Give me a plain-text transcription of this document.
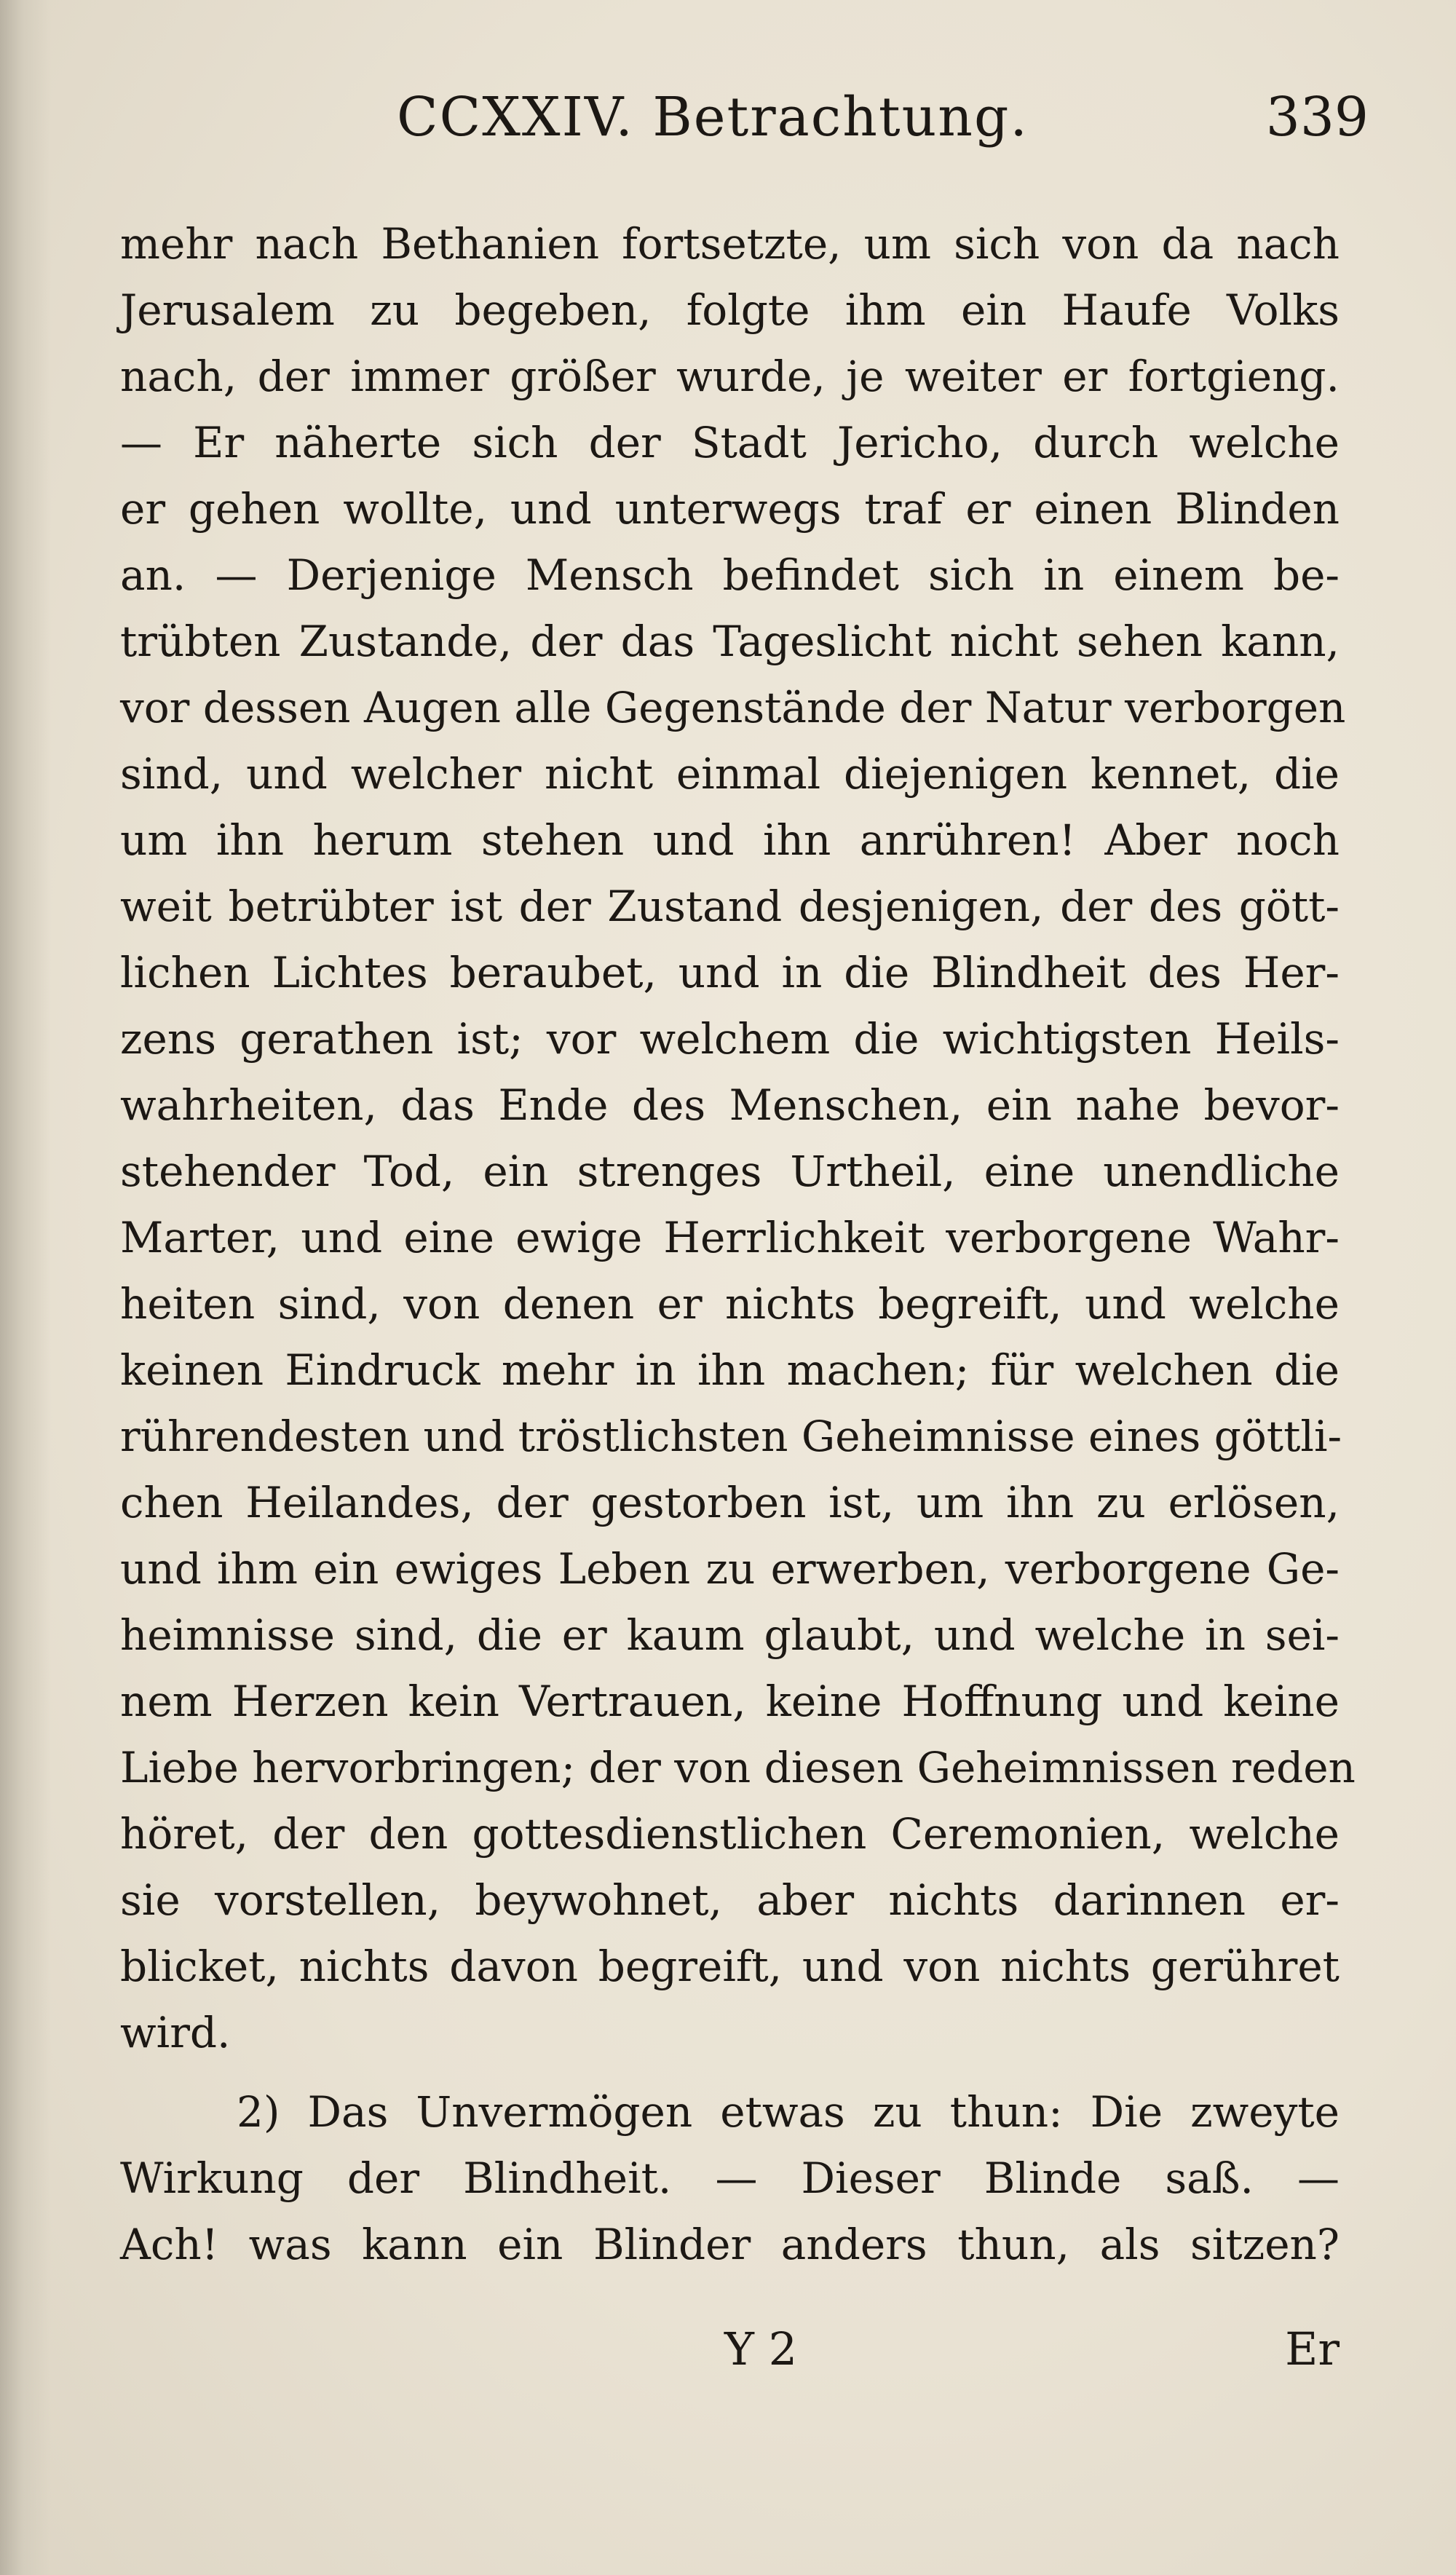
CCXXIV. Betrachtung.	339
mehr nach Bethanien fortsetzte, um sich von da nach
Jerusalem zu begeben, folgte ihm ein Haufe Volks
nach, der immer größer wurde, je weiter er fortgieng.
— Er näherte sich der Stadt Jericho, durch welche
er gehen wollte, und unterwegs traf er einen Blinden
an. — Derjenige Mensch befindet sich in einem be-
trübten Zustande, der das Tageslicht nicht sehen kann,
vor dessen Augen alle Gegenstände der Natur verborgen
sind, und welcher nicht einmal diejenigen kennet, die
um ihn herum stehen und ihn anrühren! Aber noch
weit betrübter ist der Zustand desjenigen, der des gött-
lichen Lichtes beraubet, und in die Blindheit des Her-
zens gerathen ist; vor welchem die wichtigsten Heils-
wahrheiten, das Ende des Menschen, ein nahe bevor-
stehender Tod, ein strenges Urtheil, eine unendliche
Marter, und eine ewige Herrlichkeit verborgene Wahr-
heiten sind, von denen er nichts begreift, und welche
keinen Eindruck mehr in ihn machen; für welchen die
rührendesten und tröstlichsten Geheimnisse eines göttli-
chen Heilandes, der gestorben ist, um ihn zu erlösen,
und ihm ein ewiges Leben zu erwerben, verborgene Ge-
heimnisse sind, die er kaum glaubt, und welche in sei-
nem Herzen kein Vertrauen, keine Hoffnung und keine
Liebe hervorbringen; der von diesen Geheimnissen reden
höret, der den gottesdienstlichen Ceremonien, welche
sie vorstellen, beywohnet, aber nichts darinnen er-
blicket, nichts davon begreift, und von nichts gerühret
wird.
2) Das Unvermögen etwas zu thun: Die zweyte
Wirkung der Blindheit. — Dieser Blinde saß. —
Ach! was kann ein Blinder anders thun, als sitzen?
Y 2	Er
